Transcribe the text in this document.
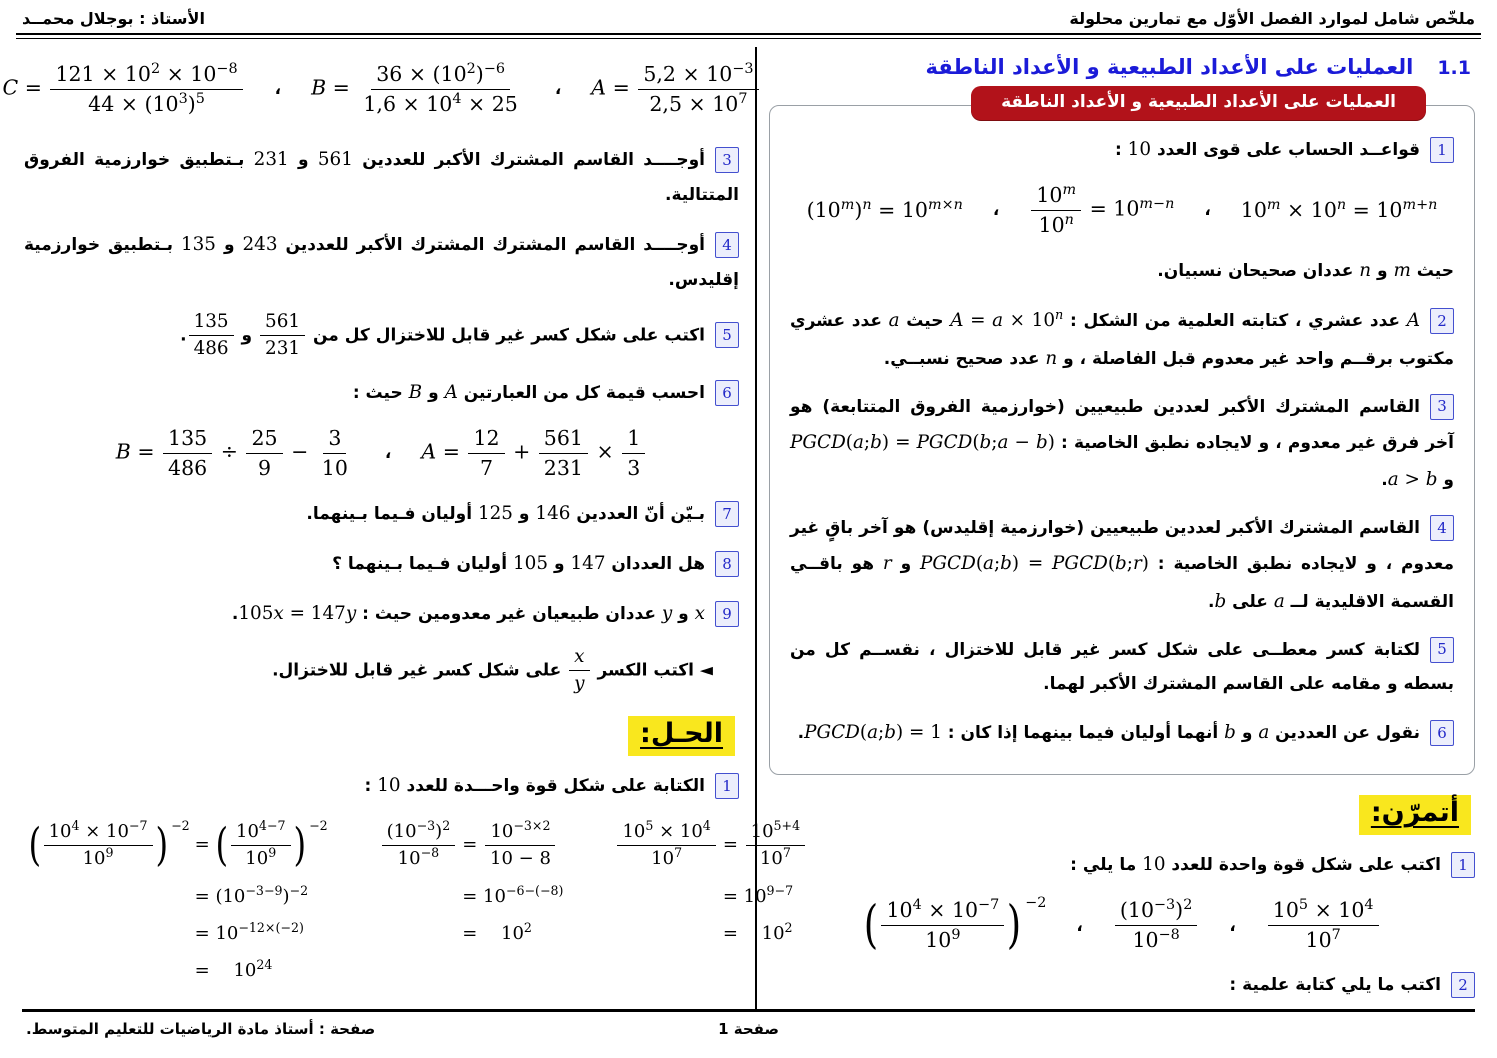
ملخّص شامل لموارد الفصل الأوّل مع تمارين محلولة
الأستاذ : بوجلال محمــد
1.1
العمليات على الأعداد الطبيعية و الأعداد الناطقة
العمليات على الأعداد الطبيعية و الأعداد الناطقة

1قواعــد الحساب على قوى العدد 10 :

$(10^m)^n = 10^{m\times n}$ ، $\frac{10^m}{10^n} = 10^{m-n}$ ، $10^m \times 10^n = 10^{m+n}$

حيث m و n عددان صحيحان نسبيان.

2A عدد عشري ، كتابته العلمية من الشكل : $A = a \times 10^n$ حيث a عدد عشري مكتوب برقــم واحد غير معدوم قبل الفاصلة ، و n عدد صحيح نسبــي.

3القاسم المشترك الأكبر لعددين طبيعيين (خوارزمية الفروق المتتابعة) هو آخر فرق غير معدوم ، و لايجاده نطبق الخاصية : PGCD(a;b) = PGCD(b;a − b) و a > b.

4القاسم المشترك الأكبر لعددين طبيعيين (خوارزمية إقليدس) هو آخر باقٍ غير معدوم ، و لايجاده نطبق الخاصية : PGCD(a;b) = PGCD(b;r) و r هو باقــي القسمة الاقليدية لــ a على b.

5لكتابة كسر معطــى على شكل كسر غير قابل للاختزال ، نقســم كل من بسطه و مقامه على القاسم المشترك الأكبر لهما.

6نقول عن العددين a و b أنهما أوليان فيما بينهما إذا كان : PGCD(a;b) = 1.

أتمرّن:

1اكتب على شكل قوة واحدة للعدد 10 ما يلي :

( $\frac{10^4 \times 10^{-7}}{10^9}$ ) −2
، $\frac{(10^{-3})^2}{10^{-8}}$ ، $\frac{10^5 \times 10^4}{10^7}$

2اكتب ما يلي كتابة علمية :

$C = \frac{121 \times 10^2 \times 10^{-8}}{44 \times (10^3)^5}$ ، $B = \frac{36 \times (10^2)^{-6}}{1,6 \times 10^4 \times 25}$ ، $A = \frac{5,2 \times 10^{-3}}{2,5 \times 10^7}$

3أوجــــد القاسم المشترك الأكبر للعددين 561 و 231 بـتطبيق خوارزمية الفروق المتتالية.

4أوجــــد القاسم المشترك المشترك الأكبر للعددين 243 و 135 بـتطبيق خوارزمية إقليدس.

5اكتب على شكل كسر غير قابل للاختزال كل من
$\frac{561}{231}$
و
$\frac{135}{486}$
.

6احسب قيمة كل من العبارتين A و B حيث :

$B = \frac{135}{486} \div \frac{25}{9} - \frac{3}{10}$ ، $A = \frac{12}{7} + \frac{561}{231} \times \frac{1}{3}$

7بـيّن أنّ العددين 146 و 125 أوليان فـيما بـينهما.

8هل العددان 147 و 105 أوليان فـيما بـينهما ؟

9x و y عددان طبيعيان غير معدومين حيث : 105x = 147y.

◄ اكتب الكسر
$\frac{x}{y}$
على شكل كسر غير قابل للاختزال.

الحـل:

1الكتابة على شكل قوة واحـــدة للعدد 10 :

( $\frac{10^4 \times 10^{-7}}{10^9}$ ) −2
= ( $\frac{10^{4-7}}{10^9}$ ) −2
= $(10^{-3-9})^{-2}$
= $10^{-12\times(-2)}$
=   $10^{24}$
$\frac{(10^{-3})^2}{10^{-8}} = \frac{10^{-3\times 2}}{10 - 8}$
= $10^{-6-(-8)}$
=   $10^2$
$\frac{10^5 \times 10^4}{10^7} = \frac{10^{5+4}}{10^7}$
= $10^{9-7}$
=   $10^2$
صفحة 1
صفحة : أستاذ مادة الرياضيات للتعليم المتوسط.
